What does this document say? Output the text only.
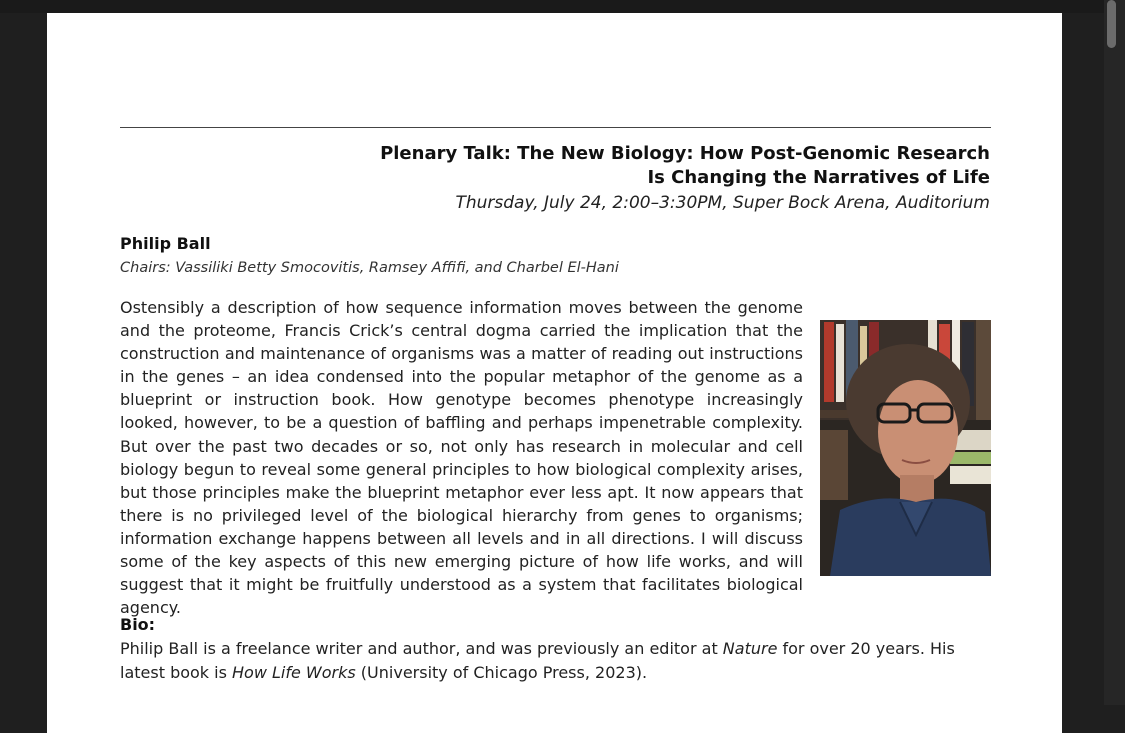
Plenary Talk: The New Biology: How Post-Genomic Research
Is Changing the Narratives of Life
Thursday, July 24, 2:00–3:30PM, Super Bock Arena, Auditorium
Philip Ball
Chairs: Vassiliki Betty Smocovitis, Ramsey Affifi, and Charbel El-Hani

Ostensibly a description of how sequence information moves between the genome and the proteome, Francis Crick’s central dogma carried the implication that the construction and maintenance of organisms was a matter of reading out instructions in the genes – an idea condensed into the popular metaphor of the genome as a blueprint or instruction book. How genotype becomes phenotype increasingly looked, however, to be a question of baffling and perhaps impenetrable complexity. But over the past two decades or so, not only has research in molecular and cell biology begun to reveal some general principles to how biological complexity arises, but those principles make the blueprint metaphor ever less apt. It now appears that there is no privileged level of the biological hierarchy from genes to organisms; information exchange happens between all levels and in all directions. I will discuss some of the key aspects of this new emerging picture of how life works, and will suggest that it might be fruitfully understood as a system that facilitates biological agency.

Bio:

Philip Ball is a freelance writer and author, and was previously an editor at Nature for over 20 years. His latest book is How Life Works (University of Chicago Press, 2023).
